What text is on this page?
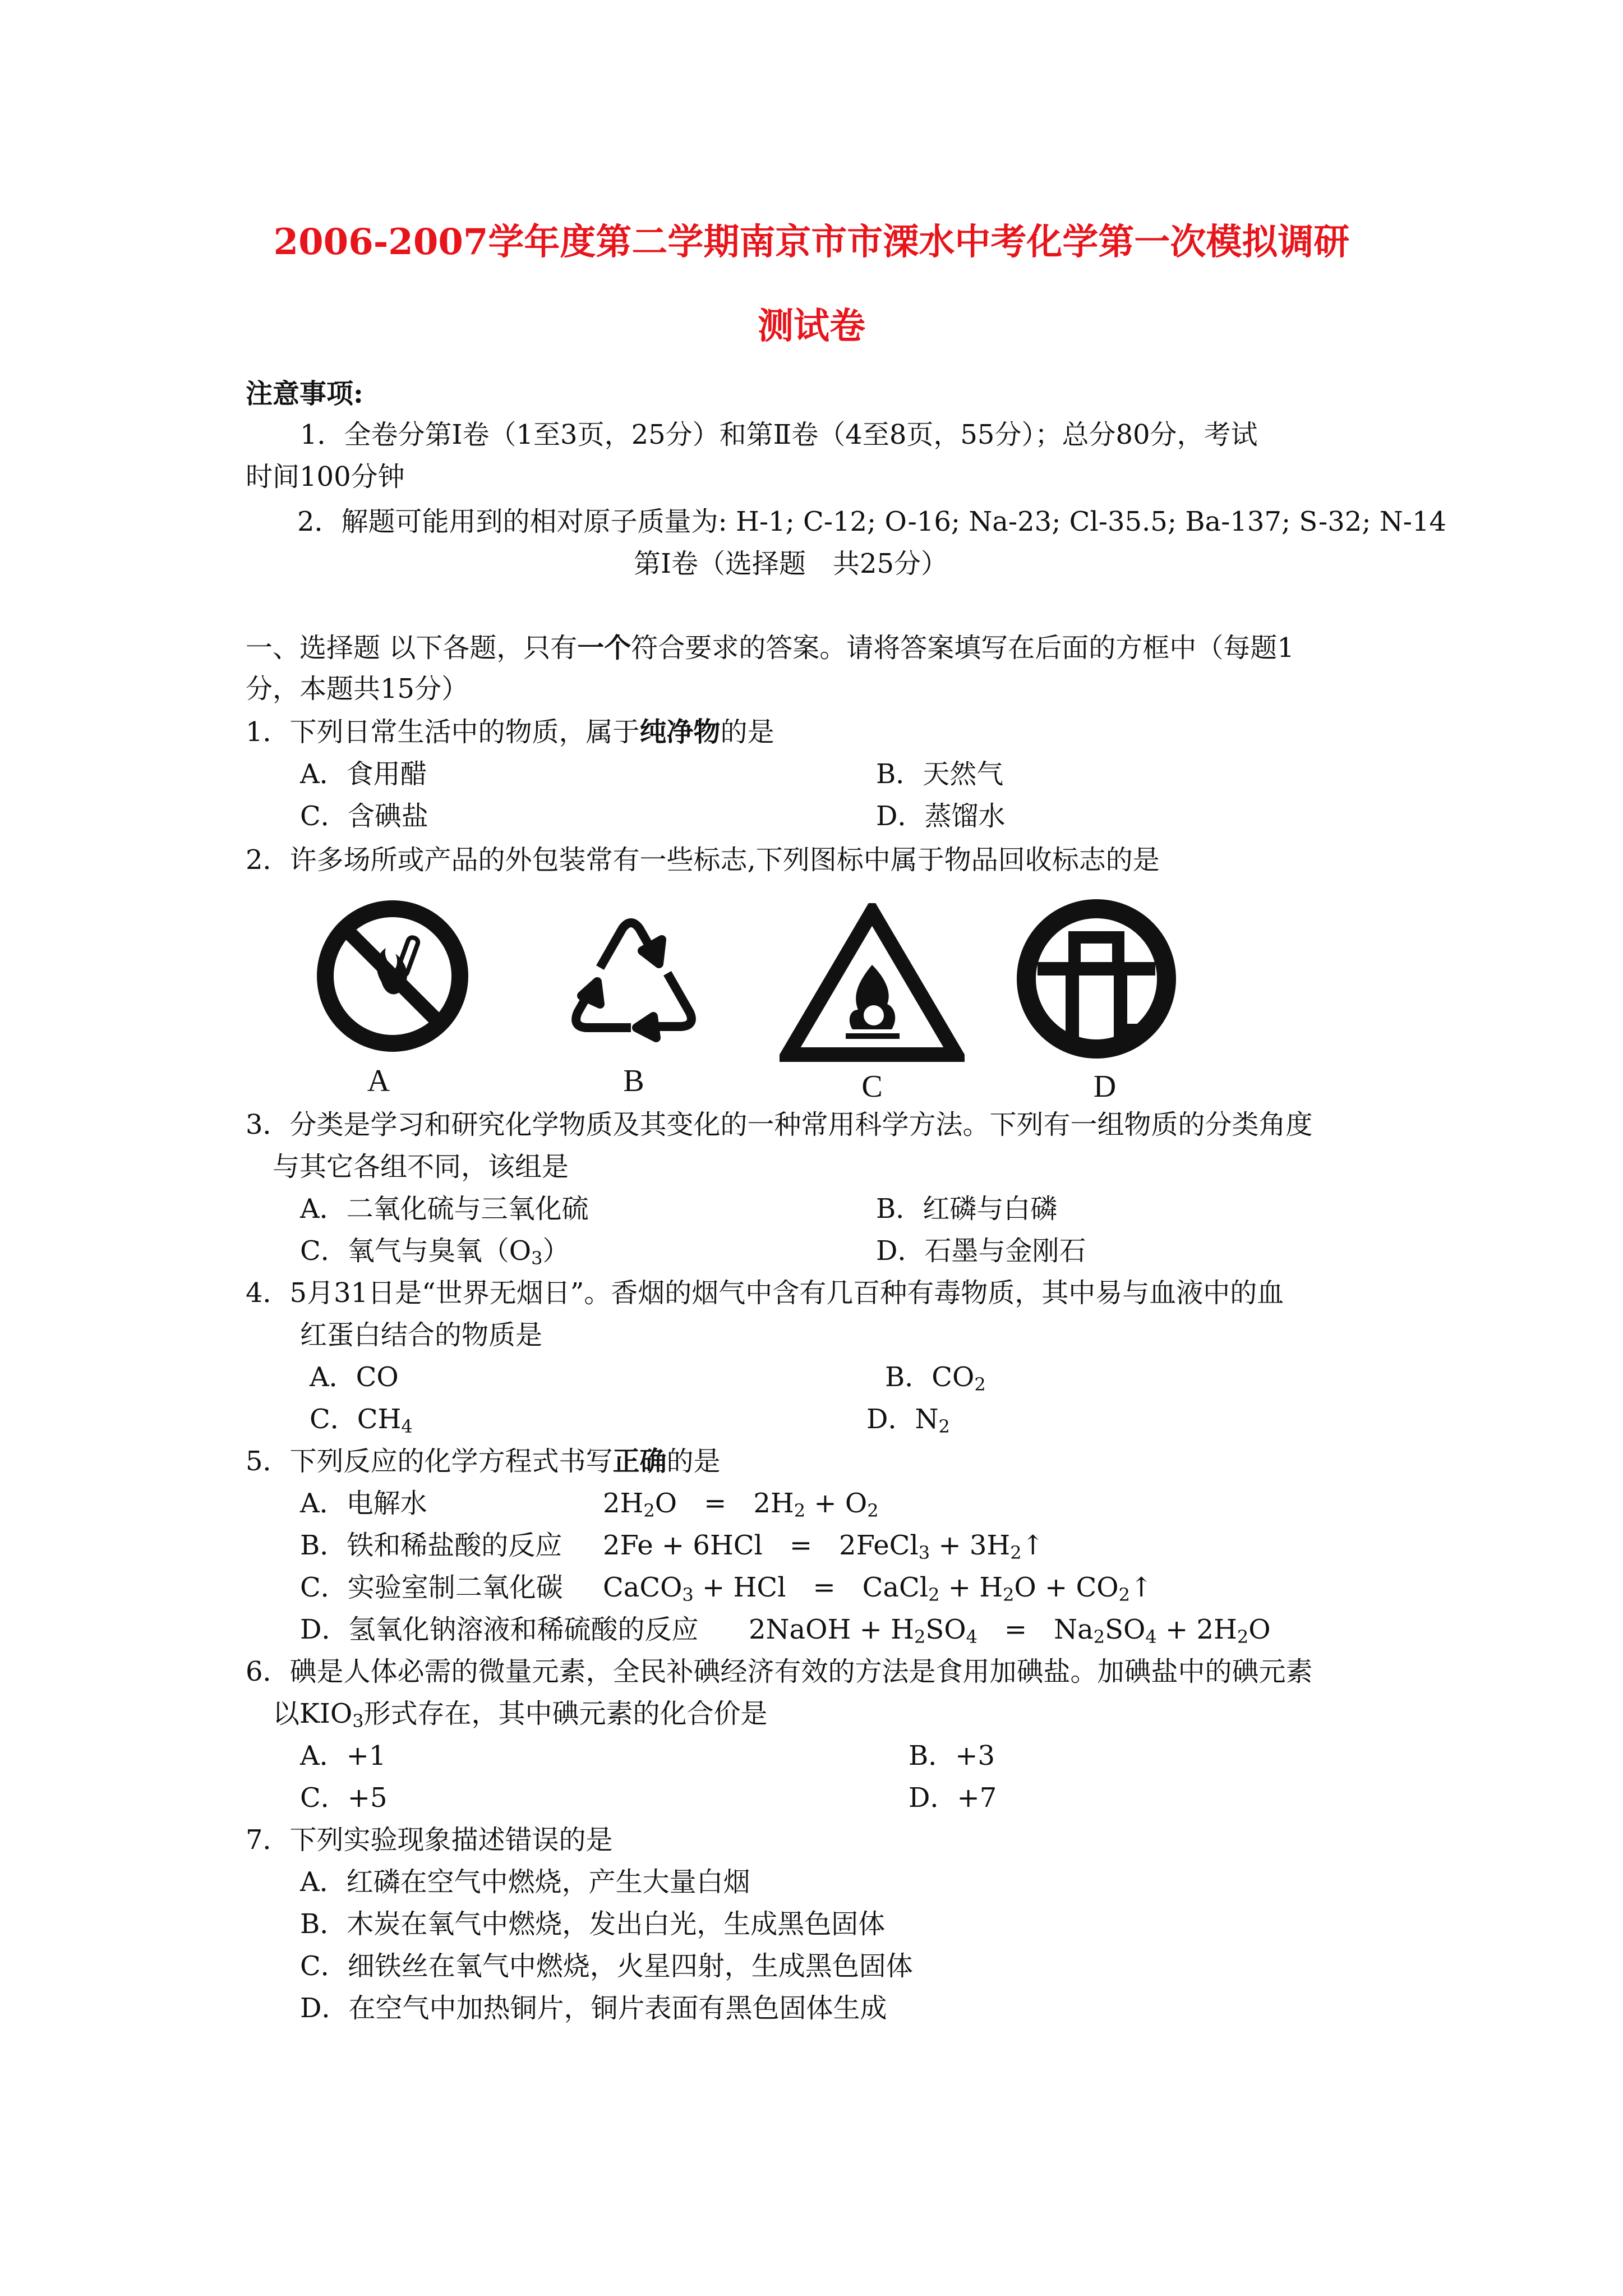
2006-2007学年度第二学期南京市市溧水中考化学第一次模拟调研
测试卷
注意事项:
1．全卷分第Ⅰ卷（1至3页，25分）和第Ⅱ卷（4至8页，55分）；总分80分，考试
时间100分钟
2．解题可能用到的相对原子质量为: H-1; C-12; O-16; Na-23; Cl-35.5; Ba-137; S-32; N-14
第Ⅰ卷（选择题　共25分）
一、选择题 以下各题，只有一个符合要求的答案。请将答案填写在后面的方框中（每题1
分，本题共15分）
1．下列日常生活中的物质，属于纯净物的是
A．食用醋	B．天然气
C．含碘盐	D．蒸馏水
2．许多场所或产品的外包装常有一些标志,下列图标中属于物品回收标志的是
A	B	C	D
3．分类是学习和研究化学物质及其变化的一种常用科学方法。下列有一组物质的分类角度
与其它各组不同，该组是
A．二氧化硫与三氧化硫	B．红磷与白磷
C．氧气与臭氧$(O_3)$	D．石墨与金刚石
4．5月31日是“世界无烟日”。香烟的烟气中含有几百种有毒物质，其中易与血液中的血
红蛋白结合的物质是
A．CO	B．$CO_2$
C．$CH_4$	D．$N_2$
5．下列反应的化学方程式书写正确的是
A．电解水	$2H_2O$　=　$2H_2 + O_2$
B．铁和稀盐酸的反应 2Fe + 6HCl　=　2FeCl$_3$ + $3H_2↑$
C．实验室制二氧化碳 CaCO$_3$ + HCl　=　CaCl$_2$ + $H_2O$ + $CO_2↑$
D．氢氧化钠溶液和稀硫酸的反应 2NaOH + $H_2SO_4$　=　$Na_2SO_4 + 2H_2O$
6．碘是人体必需的微量元素，全民补碘经济有效的方法是食用加碘盐。加碘盐中的碘元素
以$KIO_3$形式存在，其中碘元素的化合价是
A．+1	B．+3
C．+5	D．+7
7．下列实验现象描述错误的是
A．红磷在空气中燃烧，产生大量白烟
B．木炭在氧气中燃烧，发出白光，生成黑色固体
C．细铁丝在氧气中燃烧，火星四射，生成黑色固体
D．在空气中加热铜片，铜片表面有黑色固体生成
